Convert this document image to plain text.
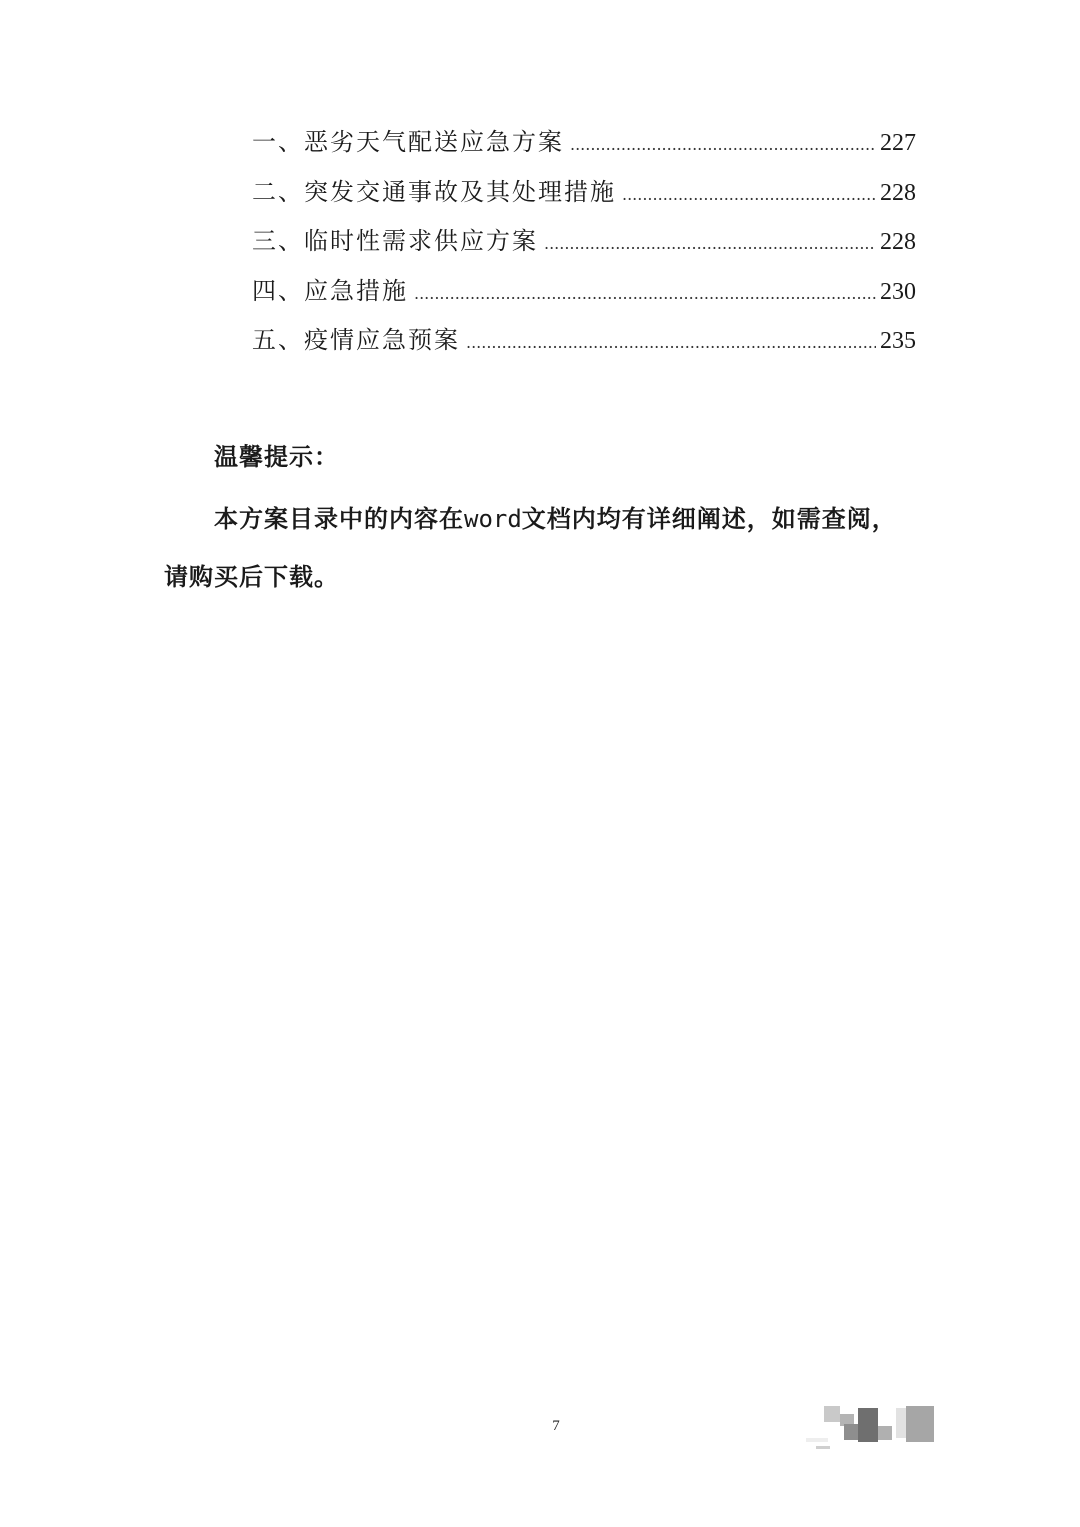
一、 恶劣天气配送应急方案 .....	227
二、 突发交通事故及其处理措施 .....	228
三、 临时性需求供应方案 .....	228
四、 应急措施 .....	230
五、 疫情应急预案 .....	235

温馨提示：

本方案目录中的内容在word文档内均有详细阐述，如需查阅，请购买后下载。

7
